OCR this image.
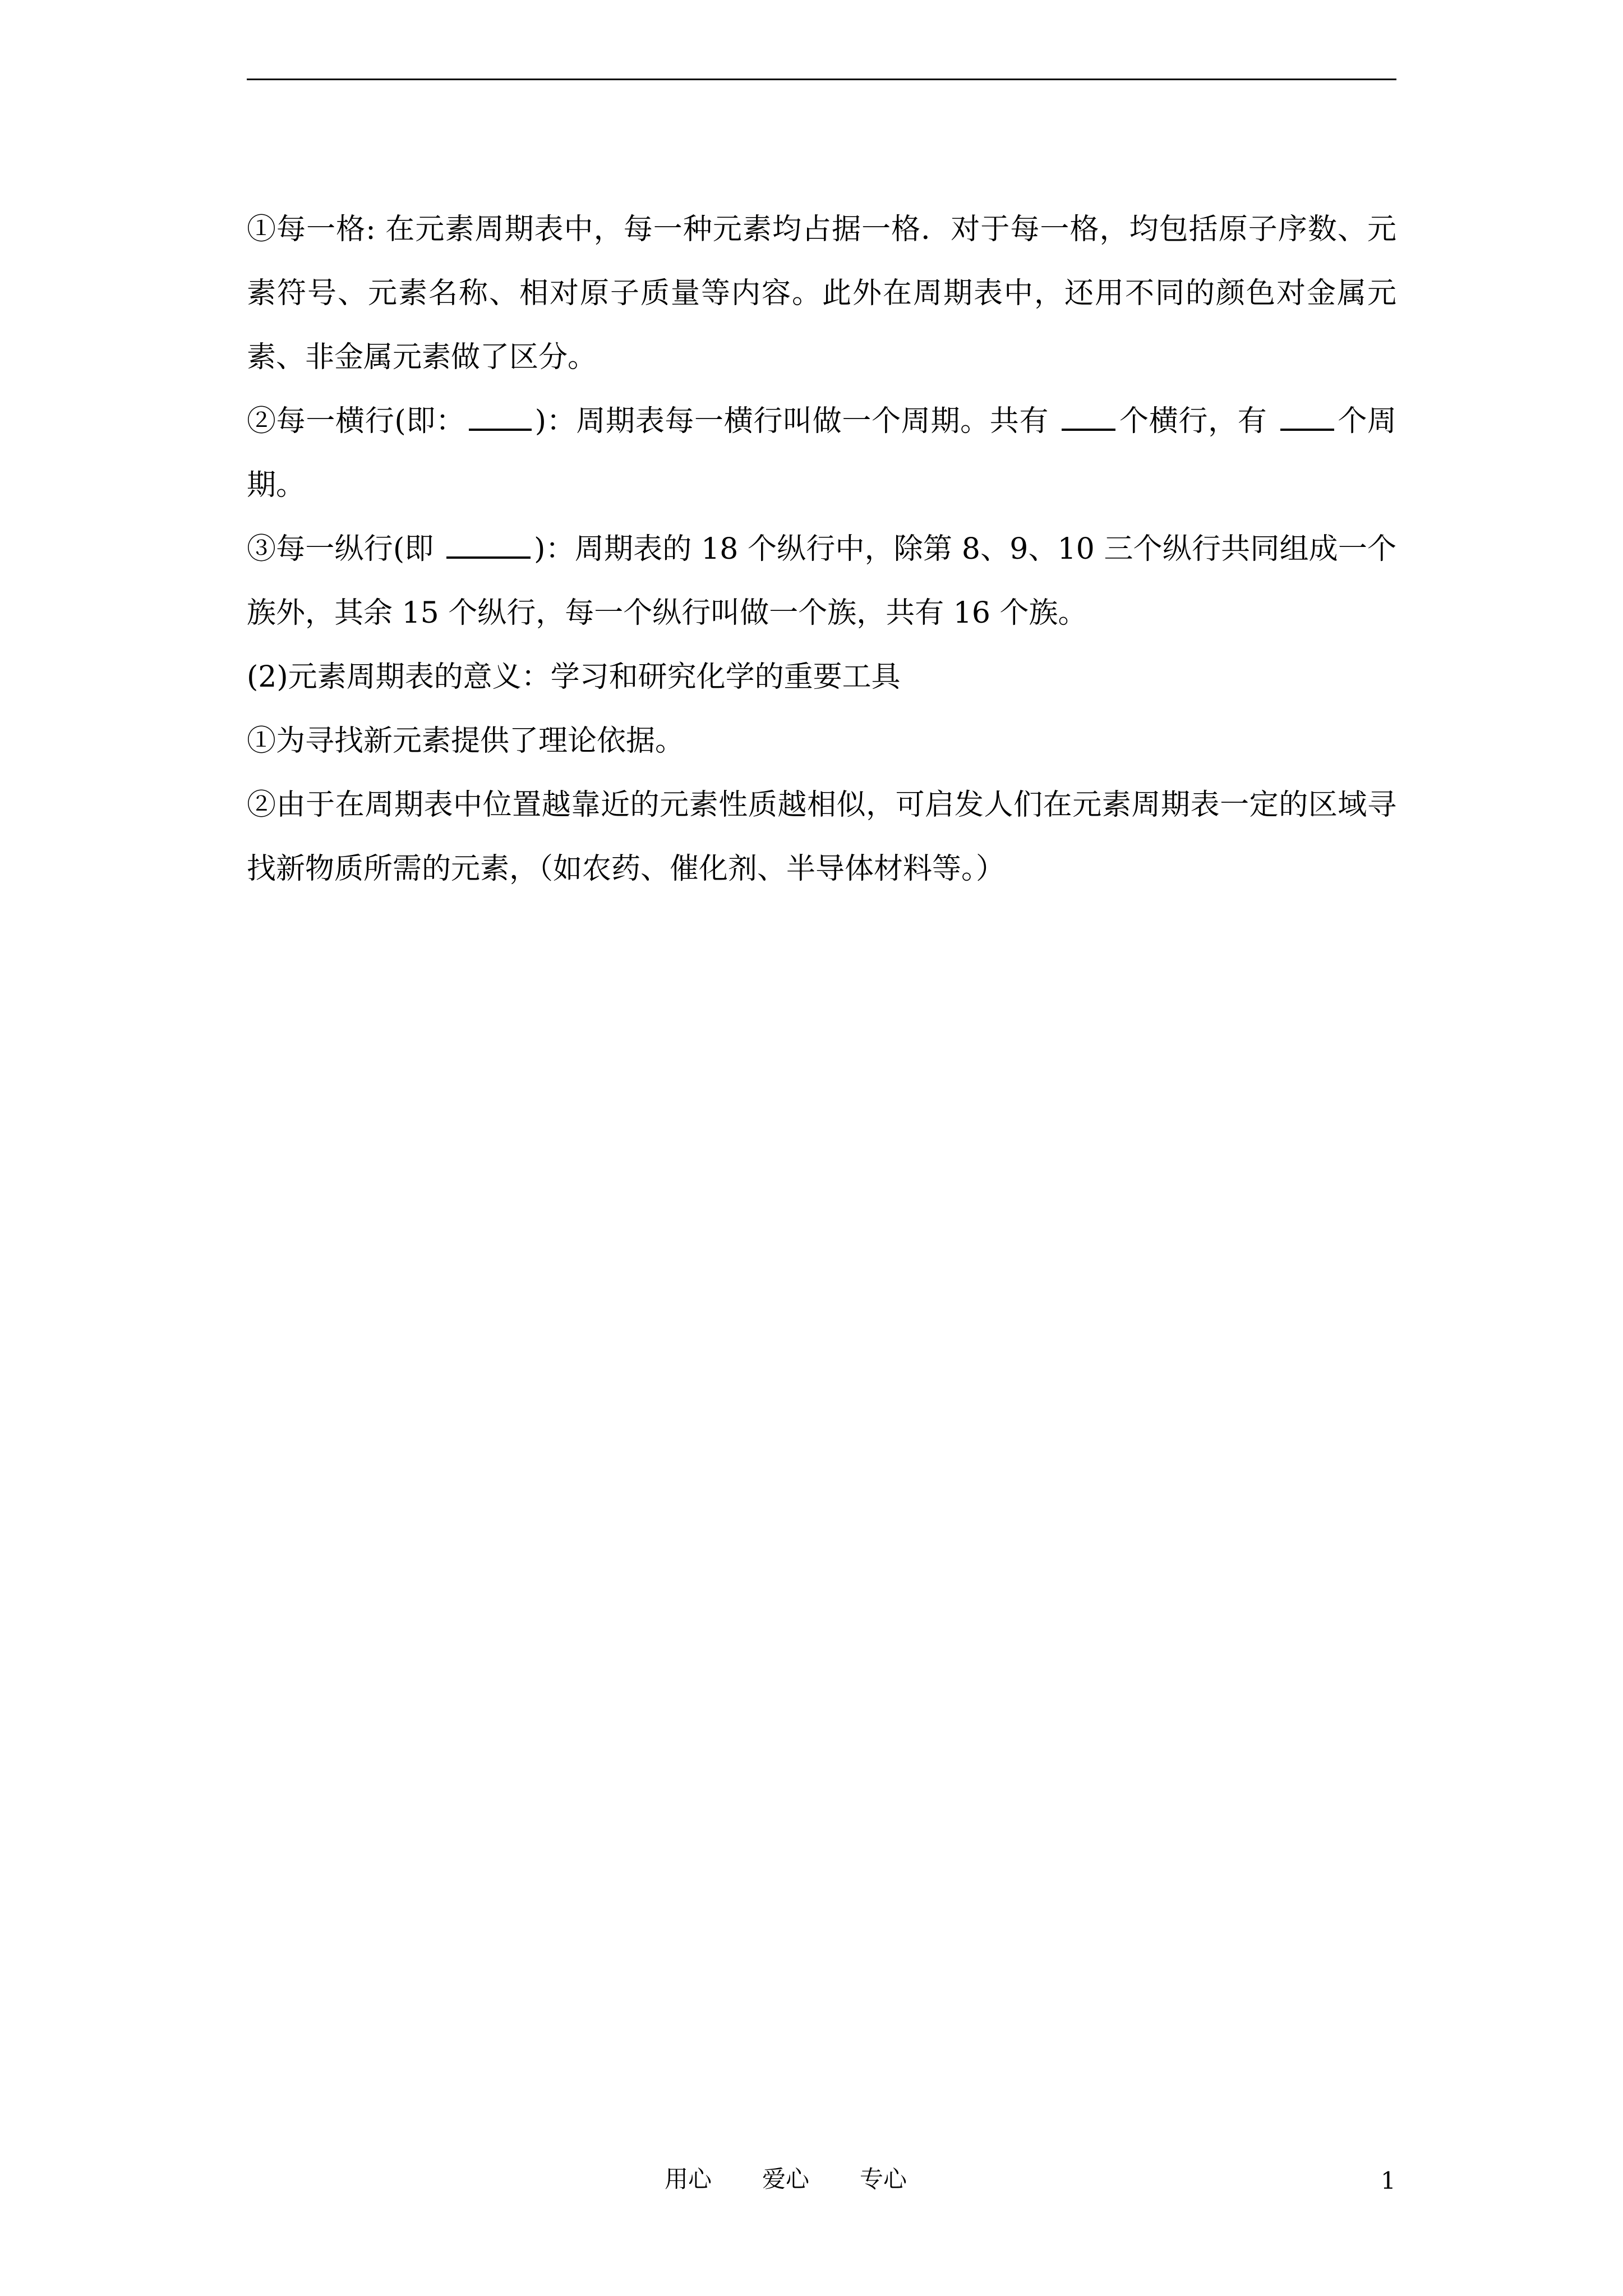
①每一格: 在元素周期表中，每一种元素均占据一格．对于每一格，均包括原子序数、元素符号、元素名称、相对原子质量等内容。此外在周期表中，还用不同的颜色对金属元素、非金属元素做了区分。

②每一横行(即： )：周期表每一横行叫做一个周期。共有 个横行，有 个周期。

③每一纵行(即	)：周期表的 18 个纵行中，除第 8、9、10 三个纵行共同组成一个族外，其余 15 个纵行，每一个纵行叫做一个族，共有 16 个族。

(2)元素周期表的意义：学习和研究化学的重要工具

①为寻找新元素提供了理论依据。

②由于在周期表中位置越靠近的元素性质越相似，可启发人们在元素周期表一定的区域寻找新物质所需的元素，（如农药、催化剂、半导体材料等。）

用心 爱心 专心	1
